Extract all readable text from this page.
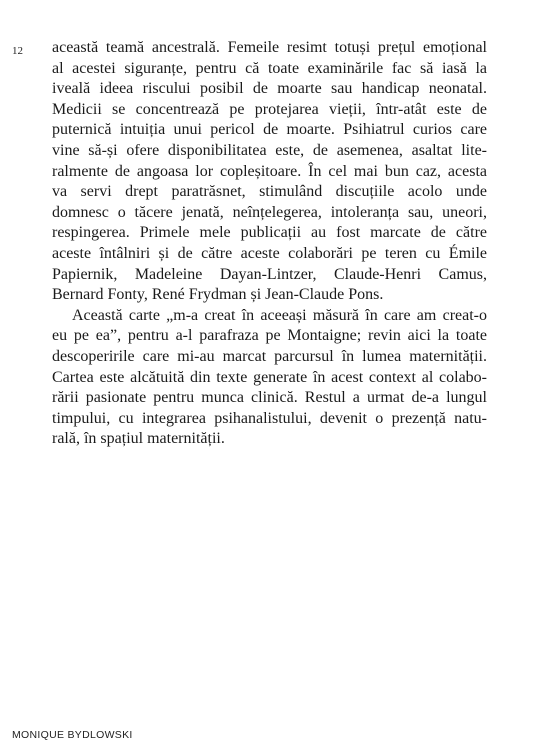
12 această teamă ancestrală. Femeile resimt totuși prețul emoțional
al acestei siguranțe, pentru că toate examinările fac să iasă la
iveală ideea riscului posibil de moarte sau handicap neonatal.
Medicii se concentrează pe protejarea vieții, într-atât este de
puternică intuiția unui pericol de moarte. Psihiatrul curios care
vine să-și ofere disponibilitatea este, de asemenea, asaltat lite-
ralmente de angoasa lor copleșitoare. În cel mai bun caz, acesta
va servi drept paratrăsnet, stimulând discuțiile acolo unde
domnesc o tăcere jenată, neînțelegerea, intoleranța sau, uneori,
respingerea. Primele mele publicații au fost marcate de către
aceste întâlniri și de către aceste colaborări pe teren cu Émile
Papiernik, Madeleine Dayan-Lintzer, Claude-Henri Camus,
Bernard Fonty, René Frydman și Jean-Claude Pons.

Această carte „m-a creat în aceeași măsură în care am creat-o
eu pe ea”, pentru a-l parafraza pe Montaigne; revin aici la toate
descoperirile care mi-au marcat parcursul în lumea maternității.
Cartea este alcătuită din texte generate în acest context al colabo-
rării pasionate pentru munca clinică. Restul a urmat de-a lungul
timpului, cu integrarea psihanalistului, devenit o prezență natu-
rală, în spațiul maternității.

MONIQUE BYDLOWSKI
